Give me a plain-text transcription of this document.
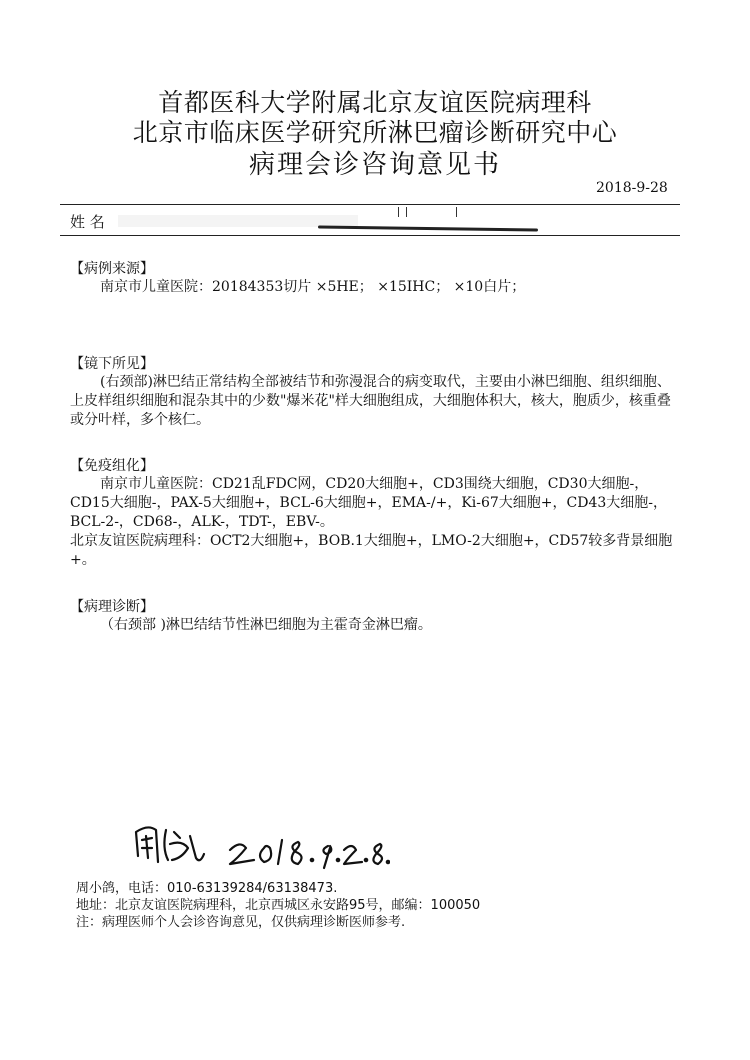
首都医科大学附属北京友谊医院病理科
北京市临床医学研究所淋巴瘤诊断研究中心
病理会诊咨询意见书
2018-9-28
姓 名
【病例来源】
南京市儿童医院：20184353切片 ×5HE； ×15IHC； ×10白片；
【镜下所见】
(右颈部)淋巴结正常结构全部被结节和弥漫混合的病变取代，主要由小淋巴细胞、组织细胞、上皮样组织细胞和混杂其中的少数"爆米花"样大细胞组成，大细胞体积大，核大，胞质少，核重叠或分叶样，多个核仁。
【免疫组化】
南京市儿童医院：CD21乱FDC网，CD20大细胞+，CD3围绕大细胞，CD30大细胞-，CD15大细胞-，PAX-5大细胞+，BCL-6大细胞+，EMA-/+，Ki-67大细胞+，CD43大细胞-，BCL-2-，CD68-，ALK-，TDT-，EBV-。
北京友谊医院病理科：OCT2大细胞+，BOB.1大细胞+，LMO-2大细胞+，CD57较多背景细胞+。
【病理诊断】
（右颈部 )淋巴结结节性淋巴细胞为主霍奇金淋巴瘤。
周小鸽，电话：010-63139284/63138473.
地址：北京友谊医院病理科，北京西城区永安路95号，邮编：100050
注：病理医师个人会诊咨询意见，仅供病理诊断医师参考.
